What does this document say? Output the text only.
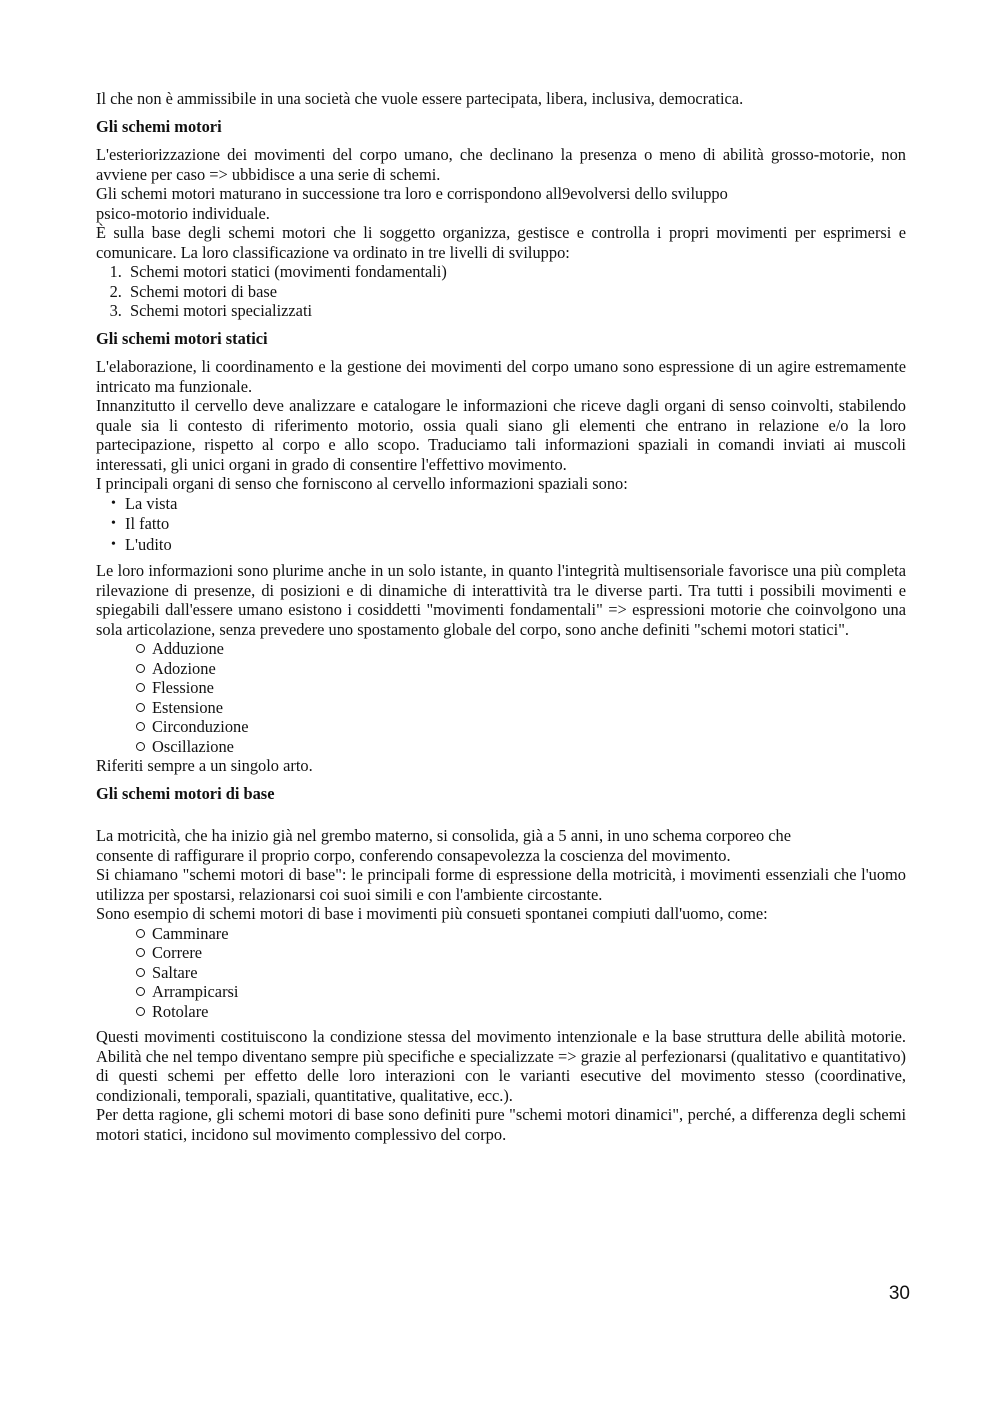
Il che non è ammissibile in una società che vuole essere partecipata, libera, inclusiva, democratica.

Gli schemi motori

L'esteriorizzazione dei movimenti del corpo umano, che declinano la presenza o meno di abilità grosso-motorie, non avviene per caso => ubbidisce a una serie di schemi.

Gli schemi motori maturano in successione tra loro e corrispondono all9evolversi dello sviluppo

psico-motorio individuale.

È sulla base degli schemi motori che li soggetto organizza, gestisce e controlla i propri movimenti per esprimersi e comunicare. La loro classificazione va ordinato in tre livelli di sviluppo:

1. Schemi motori statici (movimenti fondamentali)
2. Schemi motori di base
3. Schemi motori specializzati
Gli schemi motori statici

L'elaborazione, li coordinamento e la gestione dei movimenti del corpo umano sono espressione di un agire estremamente intricato ma funzionale.

Innanzitutto il cervello deve analizzare e catalogare le informazioni che riceve dagli organi di senso coinvolti, stabilendo quale sia li contesto di riferimento motorio, ossia quali siano gli elementi che entrano in relazione e/o la loro partecipazione, rispetto al corpo e allo scopo. Traduciamo tali informazioni spaziali in comandi inviati ai muscoli interessati, gli unici organi in grado di consentire l'effettivo movimento.

I principali organi di senso che forniscono al cervello informazioni spaziali sono:

• La vista
• Il fatto
• L'udito

Le loro informazioni sono plurime anche in un solo istante, in quanto l'integrità multisensoriale favorisce una più completa rilevazione di presenze, di posizioni e di dinamiche di interattività tra le diverse parti. Tra tutti i possibili movimenti e spiegabili dall'essere umano esistono i cosiddetti "movimenti fondamentali" => espressioni motorie che coinvolgono una sola articolazione, senza prevedere uno spostamento globale del corpo, sono anche definiti "schemi motori statici".

Adduzione
Adozione
Flessione
Estensione
Circonduzione
Oscillazione

Riferiti sempre a un singolo arto.

Gli schemi motori di base

La motricità, che ha inizio già nel grembo materno, si consolida, già a 5 anni, in uno schema corporeo che

consente di raffigurare il proprio corpo, conferendo consapevolezza la coscienza del movimento.

Si chiamano "schemi motori di base": le principali forme di espressione della motricità, i movimenti essenziali che l'uomo utilizza per spostarsi, relazionarsi coi suoi simili e con l'ambiente circostante.

Sono esempio di schemi motori di base i movimenti più consueti spontanei compiuti dall'uomo, come:

Camminare
Correre
Saltare
Arrampicarsi
Rotolare

Questi movimenti costituiscono la condizione stessa del movimento intenzionale e la base struttura delle abilità motorie. Abilità che nel tempo diventano sempre più specifiche e specializzate => grazie al perfezionarsi (qualitativo e quantitativo) di questi schemi per effetto delle loro interazioni con le varianti esecutive del movimento stesso (coordinative, condizionali, temporali, spaziali, quantitative, qualitative, ecc.).

Per detta ragione, gli schemi motori di base sono definiti pure "schemi motori dinamici", perché, a differenza degli schemi motori statici, incidono sul movimento complessivo del corpo.

30
